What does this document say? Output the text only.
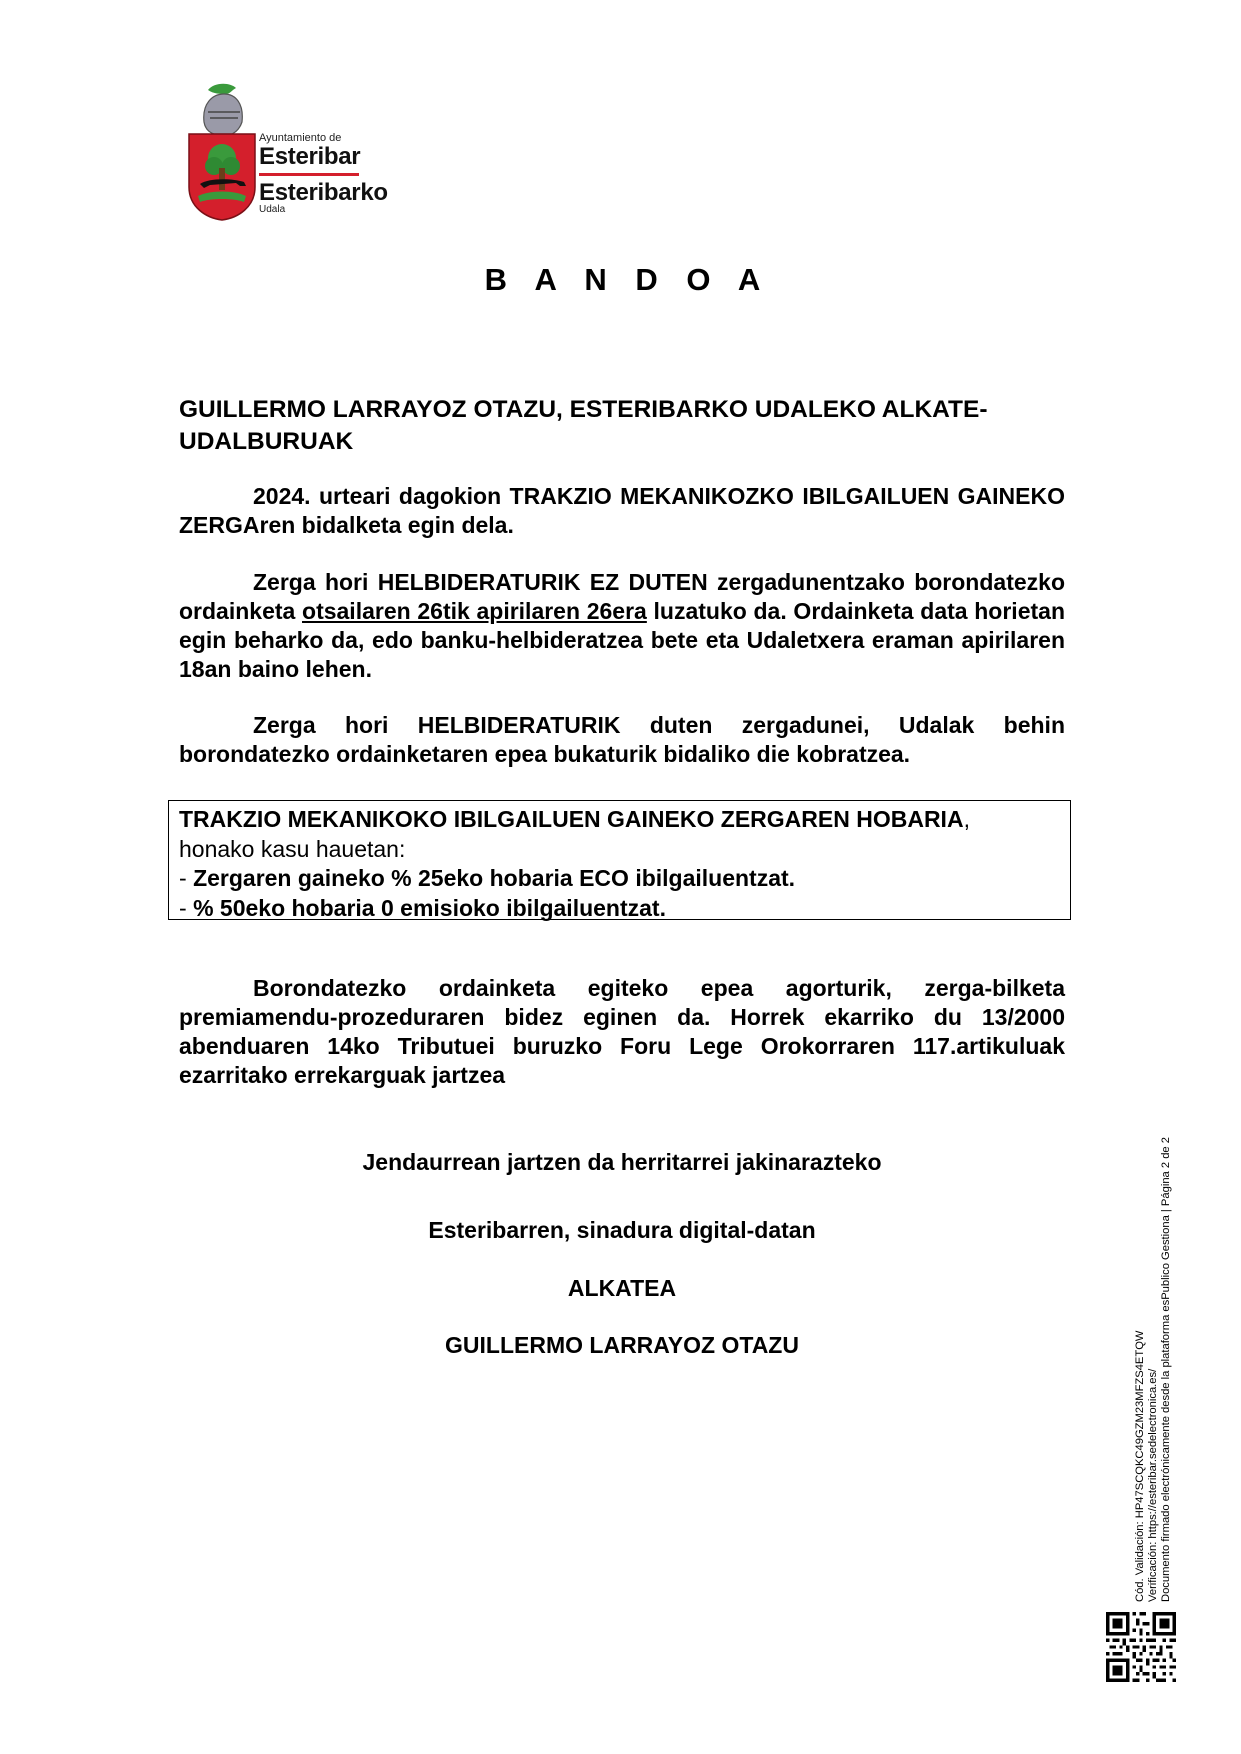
Ayuntamiento de
Esteribar
Esteribarko
Udala
B A N D O A
GUILLERMO LARRAYOZ OTAZU, ESTERIBARKO UDALEKO ALKATE-UDALBURUAK
2024. urteari dagokion TRAKZIO MEKANIKOZKO IBILGAILUEN GAINEKO ZERGAren bidalketa egin dela.
Zerga hori HELBIDERATURIK EZ DUTEN zergadunentzako borondatezko ordainketa otsailaren 26tik apirilaren 26era luzatuko da. Ordainketa data horietan egin beharko da, edo banku-helbideratzea bete eta Udaletxera eraman apirilaren 18an baino lehen.
Zerga hori HELBIDERATURIK duten zergadunei, Udalak behin borondatezko ordainketaren epea bukaturik bidaliko die kobratzea.
TRAKZIO MEKANIKOKO IBILGAILUEN GAINEKO ZERGAREN HOBARIA,
honako kasu hauetan:
- Zergaren gaineko % 25eko hobaria ECO ibilgailuentzat.
- % 50eko hobaria 0 emisioko ibilgailuentzat.
Borondatezko ordainketa egiteko epea agorturik, zerga-bilketa premiamendu-prozeduraren bidez eginen da. Horrek ekarriko du 13/2000 abenduaren 14ko Tributuei buruzko Foru Lege Orokorraren 117.artikuluak ezarritako errekarguak jartzea
Jendaurrean jartzen da herritarrei jakinarazteko
Esteribarren, sinadura digital-datan
ALKATEA
GUILLERMO LARRAYOZ OTAZU	Cód. Validación: HP47SCQKC49GZM23MFZS4ETQW Verificación: https://esteribar.sedelectronica.es/ Documento firmado electrónicamente desde la plataforma esPublico Gestiona | Página 2 de 2
